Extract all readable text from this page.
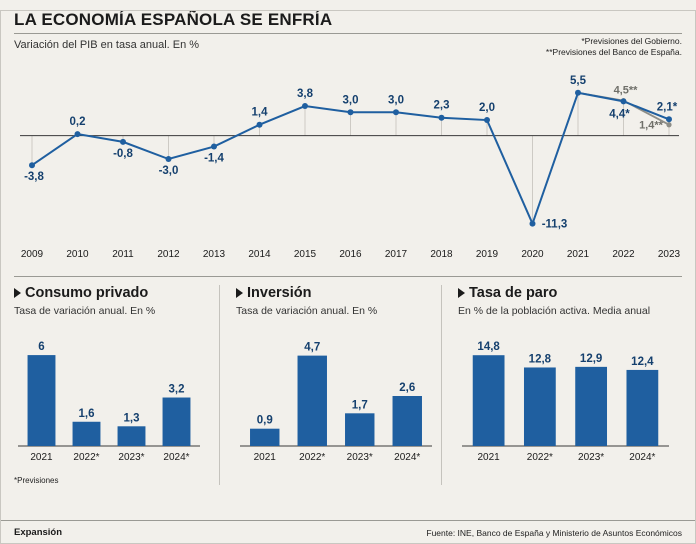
LA ECONOMÍA ESPAÑOLA SE ENFRÍA
Variación del PIB en tasa anual. En %	*Previsiones del Gobierno.
**Previsiones del Banco de España.
4,5**
1,4**
-3,8
0,2
-0,8
-3,0
-1,4
1,4
3,8
3,0	3,0	2,3	2,0
-11,3
5,5
4,4*
2,1*
2009 2010 2011 2012 2013 2014 2015 2016 2017 2018 2019 2020 2021 2022 2023
Consumo privado
Tasa de variación anual. En %
6
2021
1,6
2022*
1,3
2023*
3,2
2024*
*Previsiones
Inversión
Tasa de variación anual. En %
0,9
2021
4,7
2022*
1,7
2023*
2,6
2024*
Tasa de paro
En % de la población activa. Media anual
14,8
2021
12,8
2022*
12,9
2023*
12,4
2024*
Expansión	Fuente: INE, Banco de España y Ministerio de Asuntos Económicos
